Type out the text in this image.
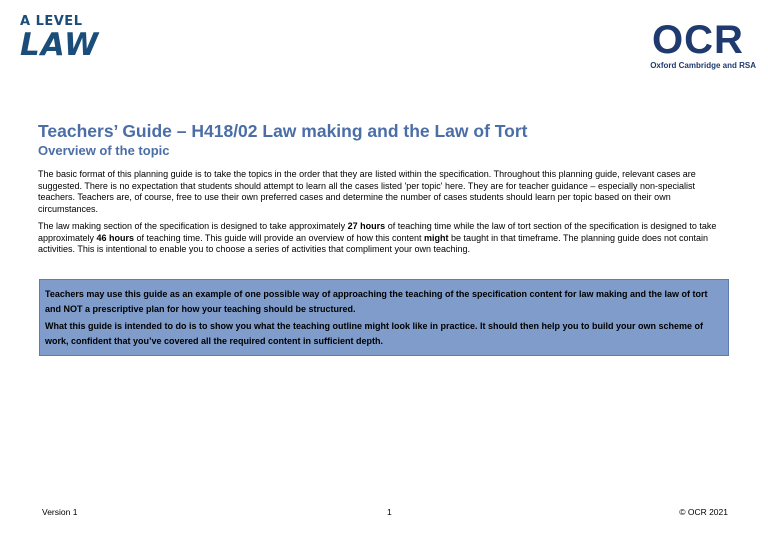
A LEVEL
LAW	OCR
Oxford Cambridge and RSA
Teachers’ Guide – H418/02 Law making and the Law of Tort
Overview of the topic

The basic format of this planning guide is to take the topics in the order that they are listed within the specification. Throughout this planning guide, relevant cases are suggested. There is no expectation that students should attempt to learn all the cases listed 'per topic' here. They are for teacher guidance – especially non-specialist teachers. Teachers are, of course, free to use their own preferred cases and determine the number of cases students should learn per topic based on their own circumstances.

The law making section of the specification is designed to take approximately 27 hours of teaching time while the law of tort section of the specification is designed to take approximately 46 hours of teaching time. This guide will provide an overview of how this content might be taught in that timeframe. The planning guide does not contain activities. This is intentional to enable you to choose a series of activities that compliment your own teaching.

Teachers may use this guide as an example of one possible way of approaching the teaching of the specification content for law making and the law of tort and NOT a prescriptive plan for how your teaching should be structured.

What this guide is intended to do is to show you what the teaching outline might look like in practice. It should then help you to build your own scheme of work, confident that you’ve covered all the required content in sufficient depth.

Version 1	1	© OCR 2021
